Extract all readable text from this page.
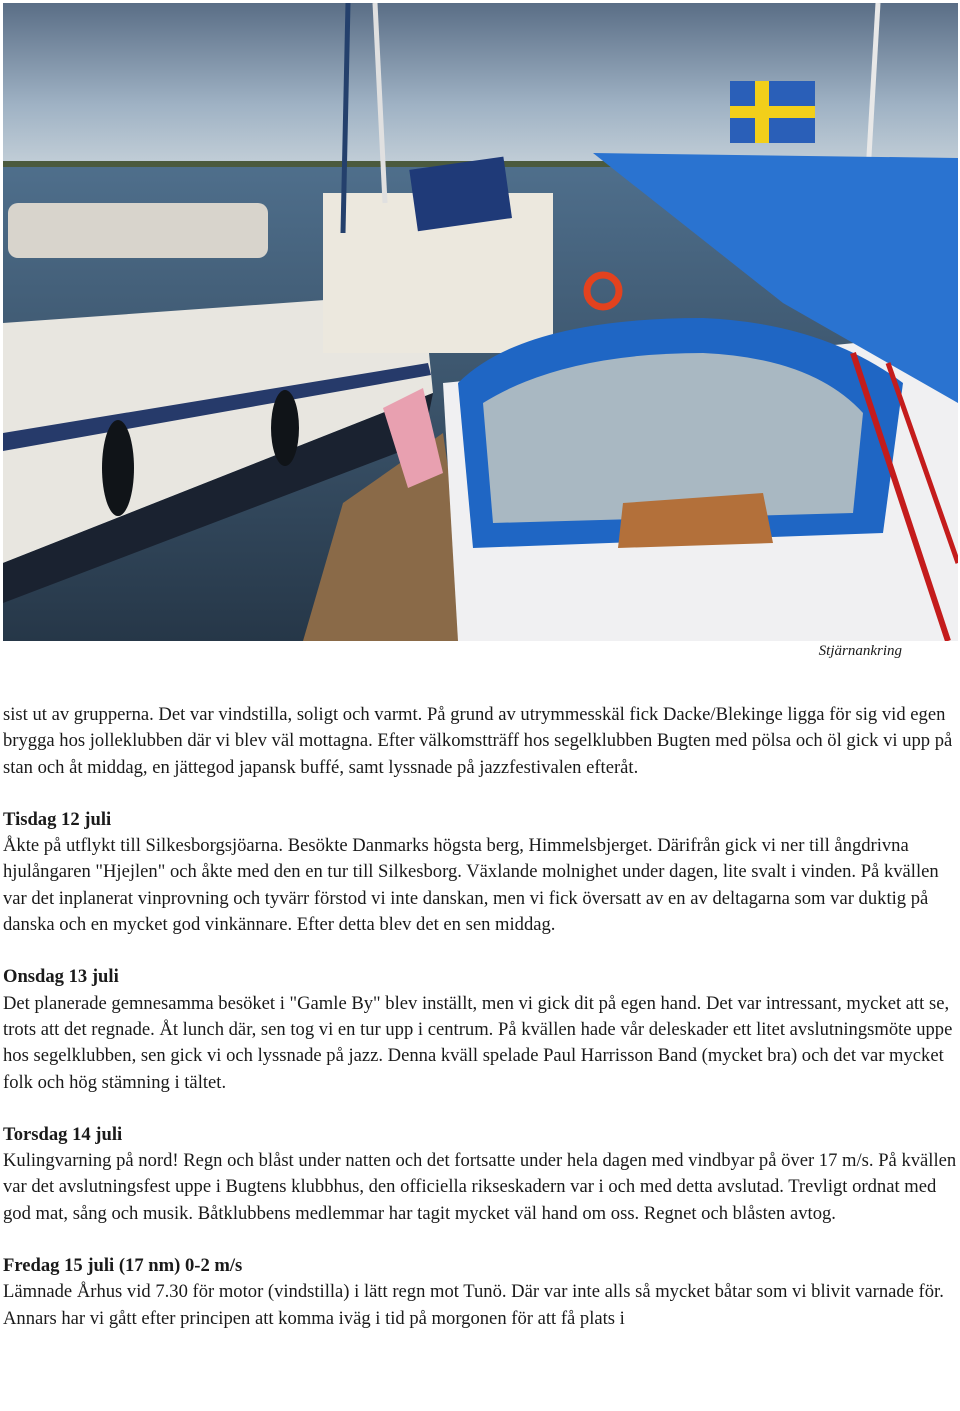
Stjärnankring

sist ut av grupperna. Det var vindstilla, soligt och varmt. På grund av utrymmesskäl fick Dacke/Blekinge ligga för sig vid egen brygga hos jolleklubben där vi blev väl mottagna. Efter välkomstträff hos segelklubben Bugten med pölsa och öl gick vi upp på stan och åt middag, en jättegod japansk buffé, samt lyssnade på jazzfestivalen efteråt.

Tisdag 12 juli

Åkte på utflykt till Silkesborgsjöarna. Besökte Danmarks högsta berg, Himmelsbjerget. Därifrån gick vi ner till ångdrivna hjulångaren "Hjejlen" och åkte med den en tur till Silkesborg. Växlande molnighet under dagen, lite svalt i vinden. På kvällen var det inplanerat vinprovning och tyvärr förstod vi inte danskan, men vi fick översatt av en av deltagarna som var duktig på danska och en mycket god vinkännare. Efter detta blev det en sen middag.

Onsdag 13 juli

Det planerade gemnesamma besöket i "Gamle By" blev inställt, men vi gick dit på egen hand. Det var intressant, mycket att se, trots att det regnade. Åt lunch där, sen tog vi en tur upp i centrum. På kvällen hade vår deleskader ett litet avslutningsmöte uppe hos segelklubben, sen gick vi och lyssnade på jazz. Denna kväll spelade Paul Harrisson Band (mycket bra) och det var mycket folk och hög stämning i tältet.

Torsdag 14 juli

Kulingvarning på nord! Regn och blåst under natten och det fortsatte under hela dagen med vindbyar på över 17 m/s. På kvällen var det avslutningsfest uppe i Bugtens klubbhus, den officiella rikseskadern var i och med detta avslutad. Trevligt ordnat med god mat, sång och musik. Båtklubbens medlemmar har tagit mycket väl hand om oss. Regnet och blåsten avtog.

Fredag 15 juli (17 nm) 0-2 m/s

Lämnade Århus vid 7.30 för motor (vindstilla) i lätt regn mot Tunö. Där var inte alls så mycket båtar som vi blivit varnade för. Annars har vi gått efter principen att komma iväg i tid på morgonen för att få plats i
